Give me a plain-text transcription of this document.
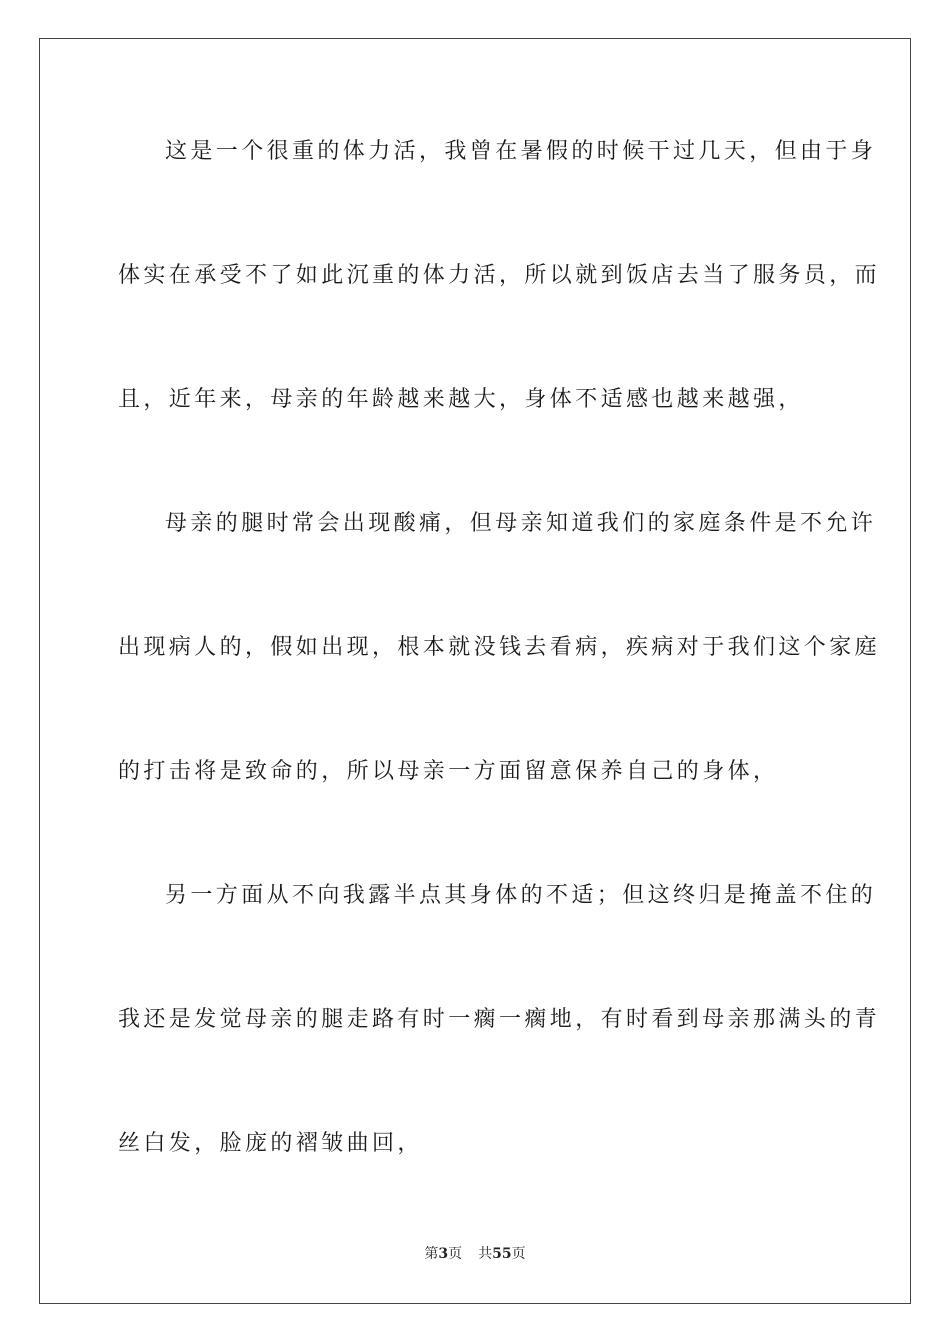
这是一个很重的体力活，我曾在暑假的时候干过几天，但由于身
体实在承受不了如此沉重的体力活，所以就到饭店去当了服务员，而
且，近年来，母亲的年龄越来越大，身体不适感也越来越强，
母亲的腿时常会出现酸痛，但母亲知道我们的家庭条件是不允许
出现病人的，假如出现，根本就没钱去看病，疾病对于我们这个家庭
的打击将是致命的，所以母亲一方面留意保养自己的身体，
另一方面从不向我露半点其身体的不适；但这终归是掩盖不住的
我还是发觉母亲的腿走路有时一瘸一瘸地，有时看到母亲那满头的青
丝白发，脸庞的褶皱曲回，
第3页 共55页
